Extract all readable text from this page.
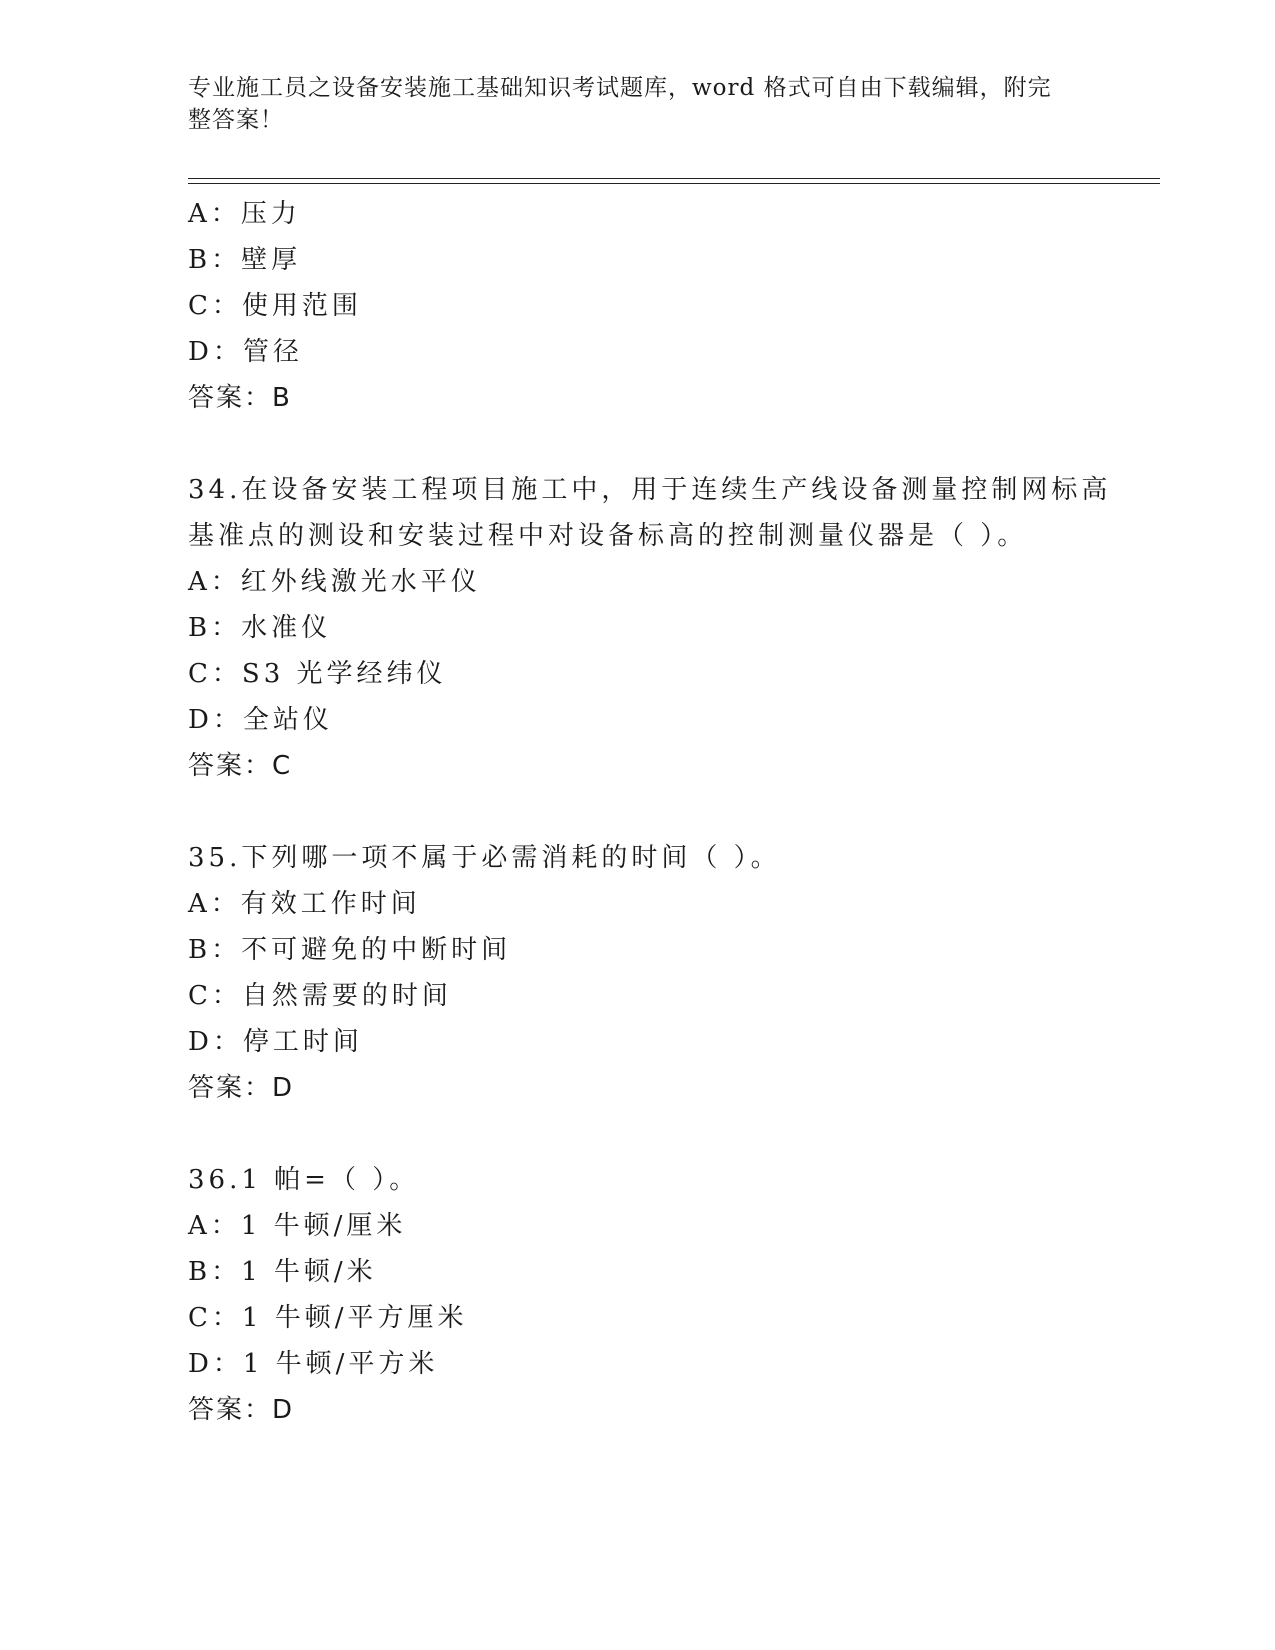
专业施工员之设备安装施工基础知识考试题库，word 格式可自由下载编辑，附完整答案！
A：压力
B：壁厚
C：使用范围
D：管径
答案：B
34.在设备安装工程项目施工中，用于连续生产线设备测量控制网标高
基准点的测设和安装过程中对设备标高的控制测量仪器是（ ）。
A：红外线激光水平仪
B：水准仪
C：S3 光学经纬仪
D：全站仪
答案：C
35.下列哪一项不属于必需消耗的时间（ ）。
A：有效工作时间
B：不可避免的中断时间
C：自然需要的时间
D：停工时间
答案：D
36.1 帕=（ ）。
A：1 牛顿/厘米
B：1 牛顿/米
C：1 牛顿/平方厘米
D：1 牛顿/平方米
答案：D
